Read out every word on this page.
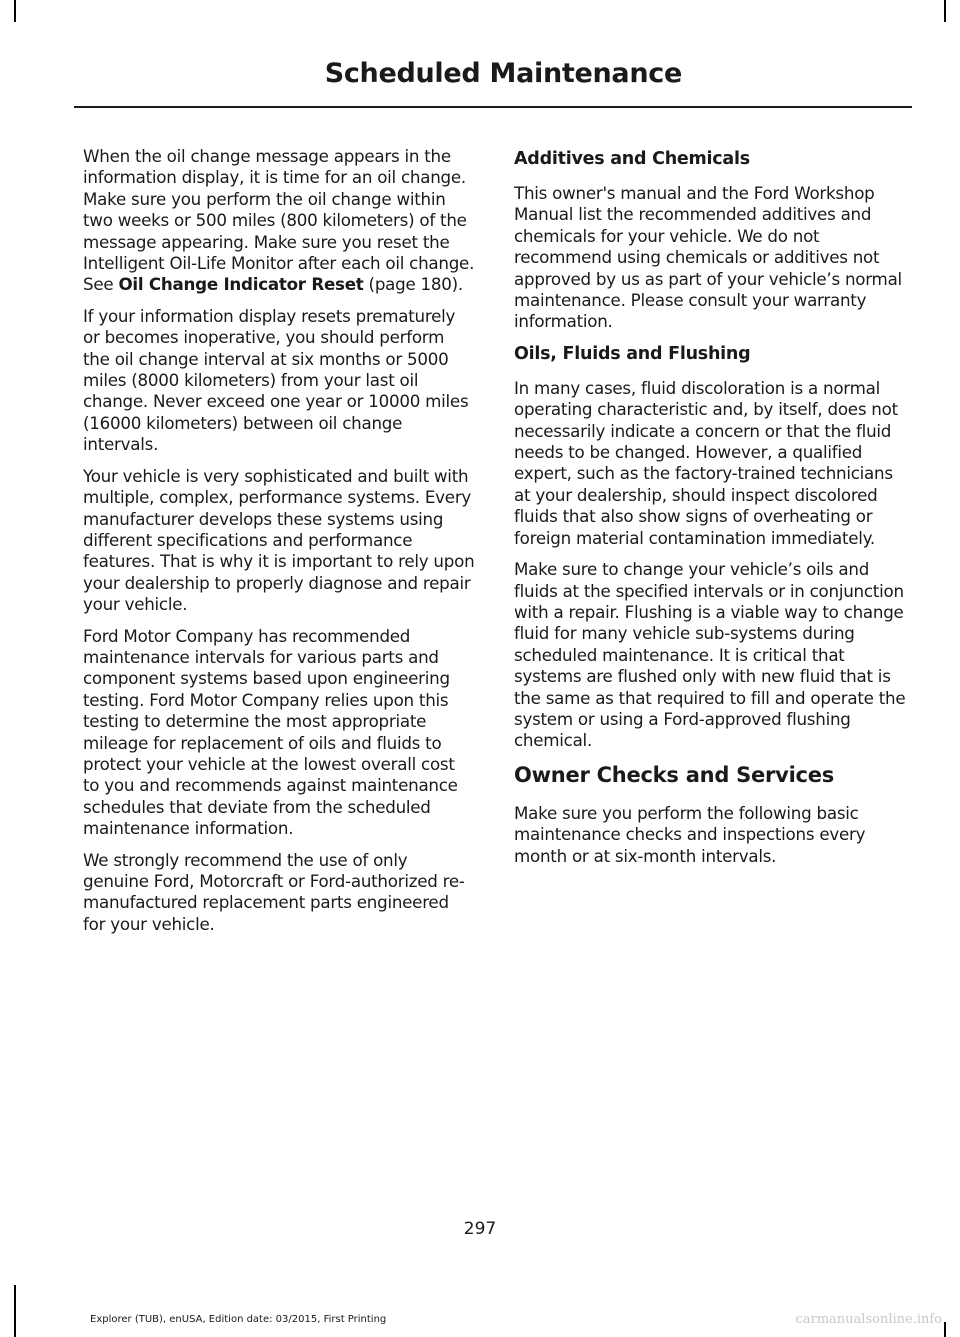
Scheduled Maintenance

When the oil change message appears in the information display, it is time for an oil change. Make sure you perform the oil change within two weeks or 500 miles (800 kilometers) of the message appearing. Make sure you reset the Intelligent Oil-Life Monitor after each oil change. See Oil Change Indicator Reset (page 180).

If your information display resets prematurely or becomes inoperative, you should perform the oil change interval at six months or 5000 miles (8000 kilometers) from your last oil change. Never exceed one year or 10000 miles (16000 kilometers) between oil change intervals.

Your vehicle is very sophisticated and built with multiple, complex, performance systems. Every manufacturer develops these systems using different specifications and performance features. That is why it is important to rely upon your dealership to properly diagnose and repair your vehicle.

Ford Motor Company has recommended maintenance intervals for various parts and component systems based upon engineering testing. Ford Motor Company relies upon this testing to determine the most appropriate mileage for replacement of oils and fluids to protect your vehicle at the lowest overall cost to you and recommends against maintenance schedules that deviate from the scheduled maintenance information.

We strongly recommend the use of only genuine Ford, Motorcraft or Ford-authorized re-manufactured replacement parts engineered for your vehicle.

Additives and Chemicals

This owner's manual and the Ford Workshop Manual list the recommended additives and chemicals for your vehicle. We do not recommend using chemicals or additives not approved by us as part of your vehicle’s normal maintenance. Please consult your warranty information.

Oils, Fluids and Flushing

In many cases, fluid discoloration is a normal operating characteristic and, by itself, does not necessarily indicate a concern or that the fluid needs to be changed. However, a qualified expert, such as the factory-trained technicians at your dealership, should inspect discolored fluids that also show signs of overheating or foreign material contamination immediately.

Make sure to change your vehicle’s oils and fluids at the specified intervals or in conjunction with a repair. Flushing is a viable way to change fluid for many vehicle sub-systems during scheduled maintenance. It is critical that systems are flushed only with new fluid that is the same as that required to fill and operate the system or using a Ford-approved flushing chemical.

Owner Checks and Services

Make sure you perform the following basic maintenance checks and inspections every month or at six-month intervals.

297
Explorer (TUB), enUSA, Edition date: 03/2015, First Printing	carmanualsonline.info
